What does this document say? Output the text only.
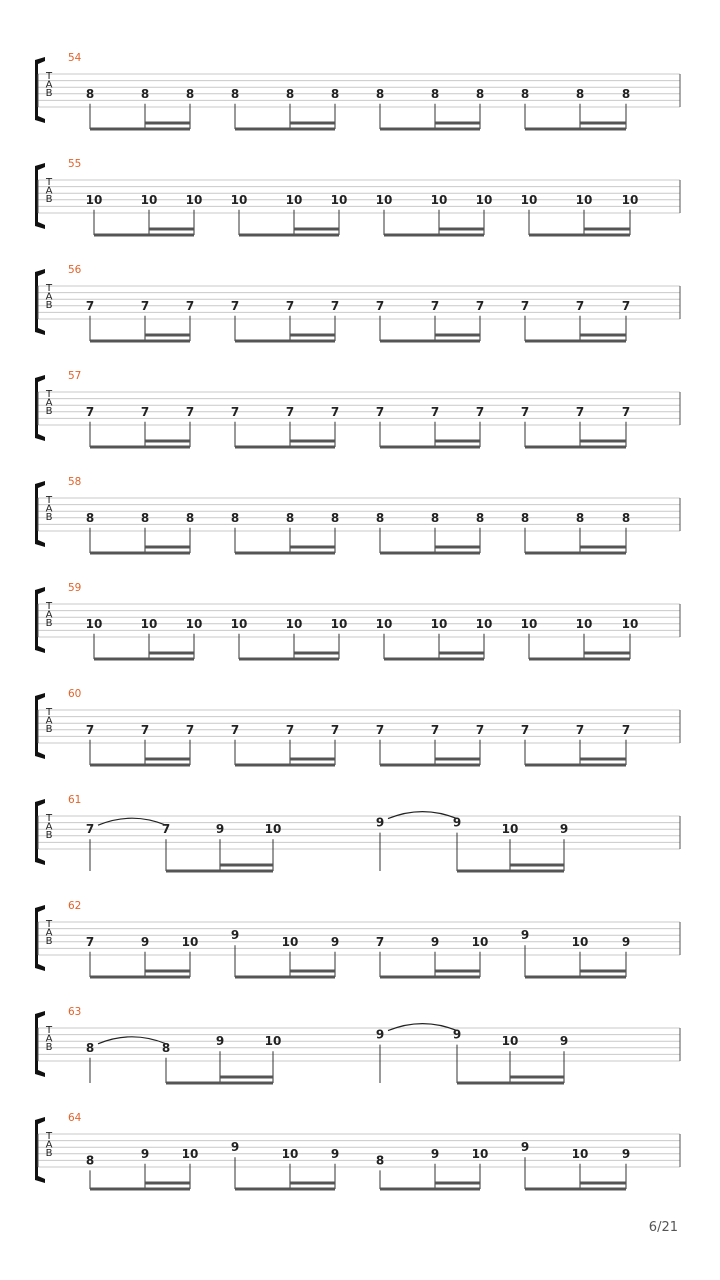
T
A
B
54
8	8	8	8	8	8	8	8	8	8	8	8
T
A
B
55
10	10 10 10	10 10 10	10 10 10	10 10
T
A
B
56
7	7	7	7	7	7	7	7	7	7	7	7
T
A
B
57
7	7	7	7	7	7	7	7	7	7	7	7
T
A
B
58
8	8	8	8	8	8	8	8	8	8	8	8
T
A
B
59
10	10 10 10	10 10 10	10 10 10	10 10
T
A
B
60
7	7	7	7	7	7	7	7	7	7	7	7
T
A
B
61
7	7	9	10	9	9	10	9
T
A
B
62
7	9	10	9	10	9	7	9	10	9	10	9
T
A
B
63
8	8	9	10	9	9	10	9
T
A
B
64
8	9	10	9	10	9	8	9	10	9	10	9
6/21
